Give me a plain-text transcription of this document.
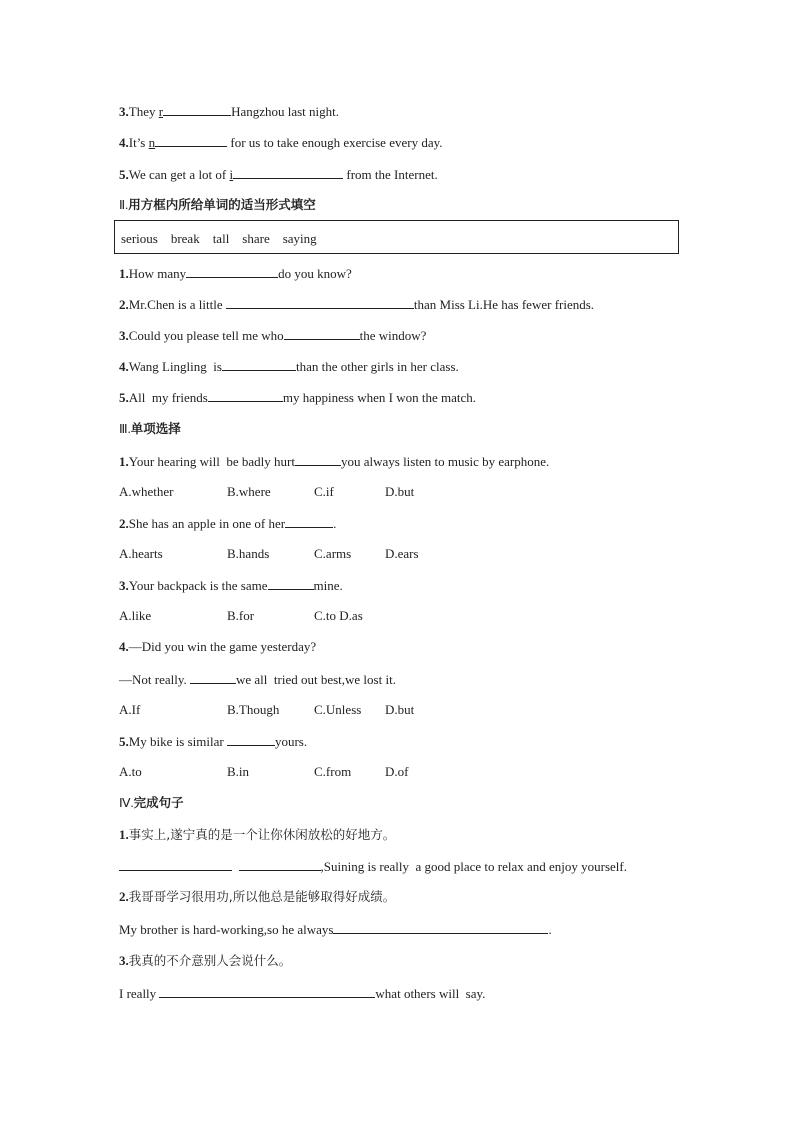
3.They r	Hangzhou last night.
4.It’s n	for us to take enough exercise every day.
5.We can get a lot of i	from the Internet.
Ⅱ.用方框内所给单词的适当形式填空
serious    break    tall    share    saying
1.How many	do you know?
2.Mr.Chen is a little	than Miss Li.He has fewer friends.
3.Could you please tell me who	the window?
4.Wang Lingling  is	than the other girls in her class.
5.All  my friends	my happiness when I won the match.
Ⅲ.单项选择
1.Your hearing will  be badly hurt	you always listen to music by earphone.
A.whether	B.where	C.if	D.but
2.She has an apple in one of her	.
A.hearts	B.hands	C.arms	D.ears
3.Your backpack is the same	mine.
A.like	B.for	C.to D.as
4.—Did you win the game yesterday?
—Not really.	we all  tried out best,we lost it.
A.If	B.Though	C.Unless D.but
5.My bike is similar	yours.
A.to	B.in	C.from	D.of
Ⅳ.完成句子
1.事实上,遂宁真的是一个让你休闲放松的好地方。
,Suining is really  a good place to relax and enjoy yourself.
2.我哥哥学习很用功,所以他总是能够取得好成绩。
My brother is hard-working,so he always	.
3.我真的不介意别人会说什么。
I really	what others will  say.
